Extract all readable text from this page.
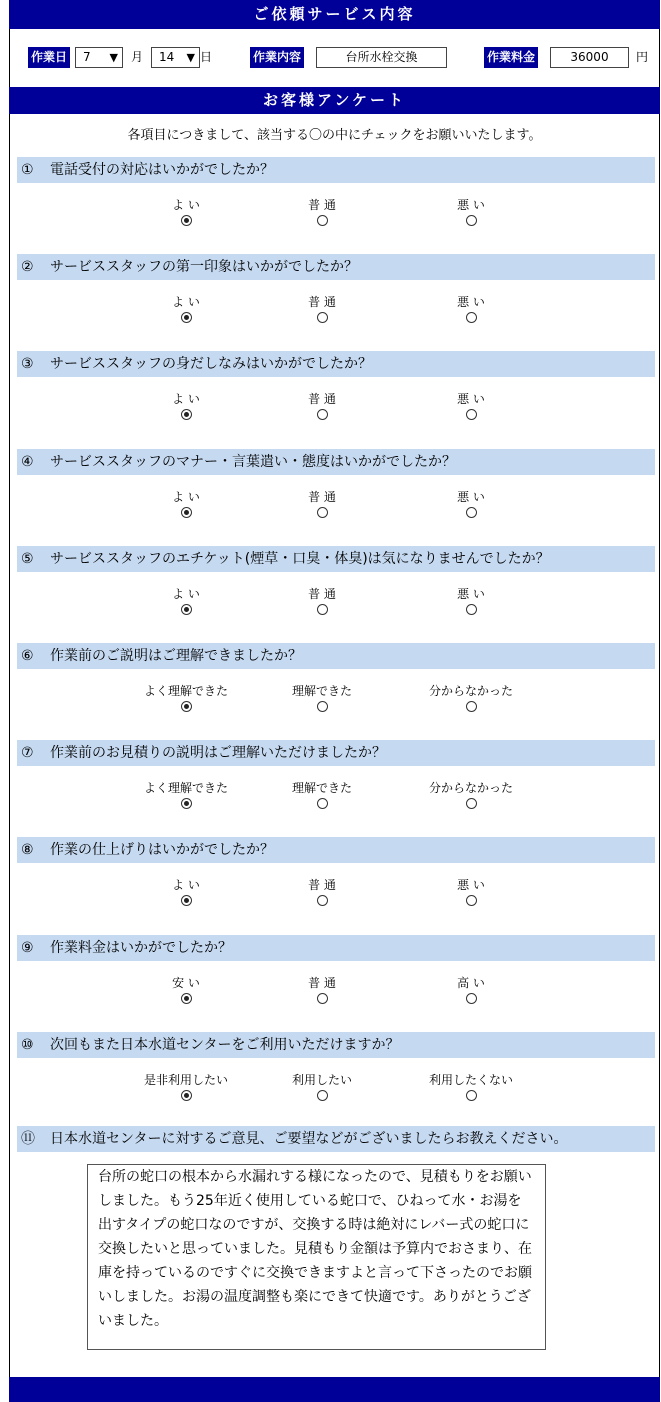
ご依頼サービス内容
作業日	7 ▼ 月	14 ▼ 日	作業内容	台所水栓交換	作業料金	36000	円
お客様アンケート
各項目につきまして、該当する〇の中にチェックをお願いいたします。
① 電話受付の対応はいかがでしたか？
よ い	普 通	悪 い
② サービススタッフの第一印象はいかがでしたか？
よ い	普 通	悪 い
③ サービススタッフの身だしなみはいかがでしたか？
よ い	普 通	悪 い
④ サービススタッフのマナー・言葉遣い・態度はいかがでしたか？
よ い	普 通	悪 い
⑤ サービススタッフのエチケット(煙草・口臭・体臭)は気になりませんでしたか？
よ い	普 通	悪 い
⑥ 作業前のご説明はご理解できましたか？
よく理解できた	理解できた	分からなかった
⑦ 作業前のお見積りの説明はご理解いただけましたか？
よく理解できた	理解できた	分からなかった
⑧ 作業の仕上げりはいかがでしたか？
よ い	普 通	悪 い
⑨ 作業料金はいかがでしたか？
安 い	普 通	高 い
⑩ 次回もまた日本水道センターをご利用いただけますか？
是非利用したい	利用したい	利用したくない
⑪ 日本水道センターに対するご意見、ご要望などがございましたらお教えください。
台所の蛇口の根本から水漏れする様になったので、見積もりをお願いしました。もう25年近く使用している蛇口で、ひねって水・お湯を出すタイプの蛇口なのですが、交換する時は絶対にレバー式の蛇口に交換したいと思っていました。見積もり金額は予算内でおさまり、在庫を持っているのですぐに交換できますよと言って下さったのでお願いしました。お湯の温度調整も楽にできて快適です。ありがとうございました。
